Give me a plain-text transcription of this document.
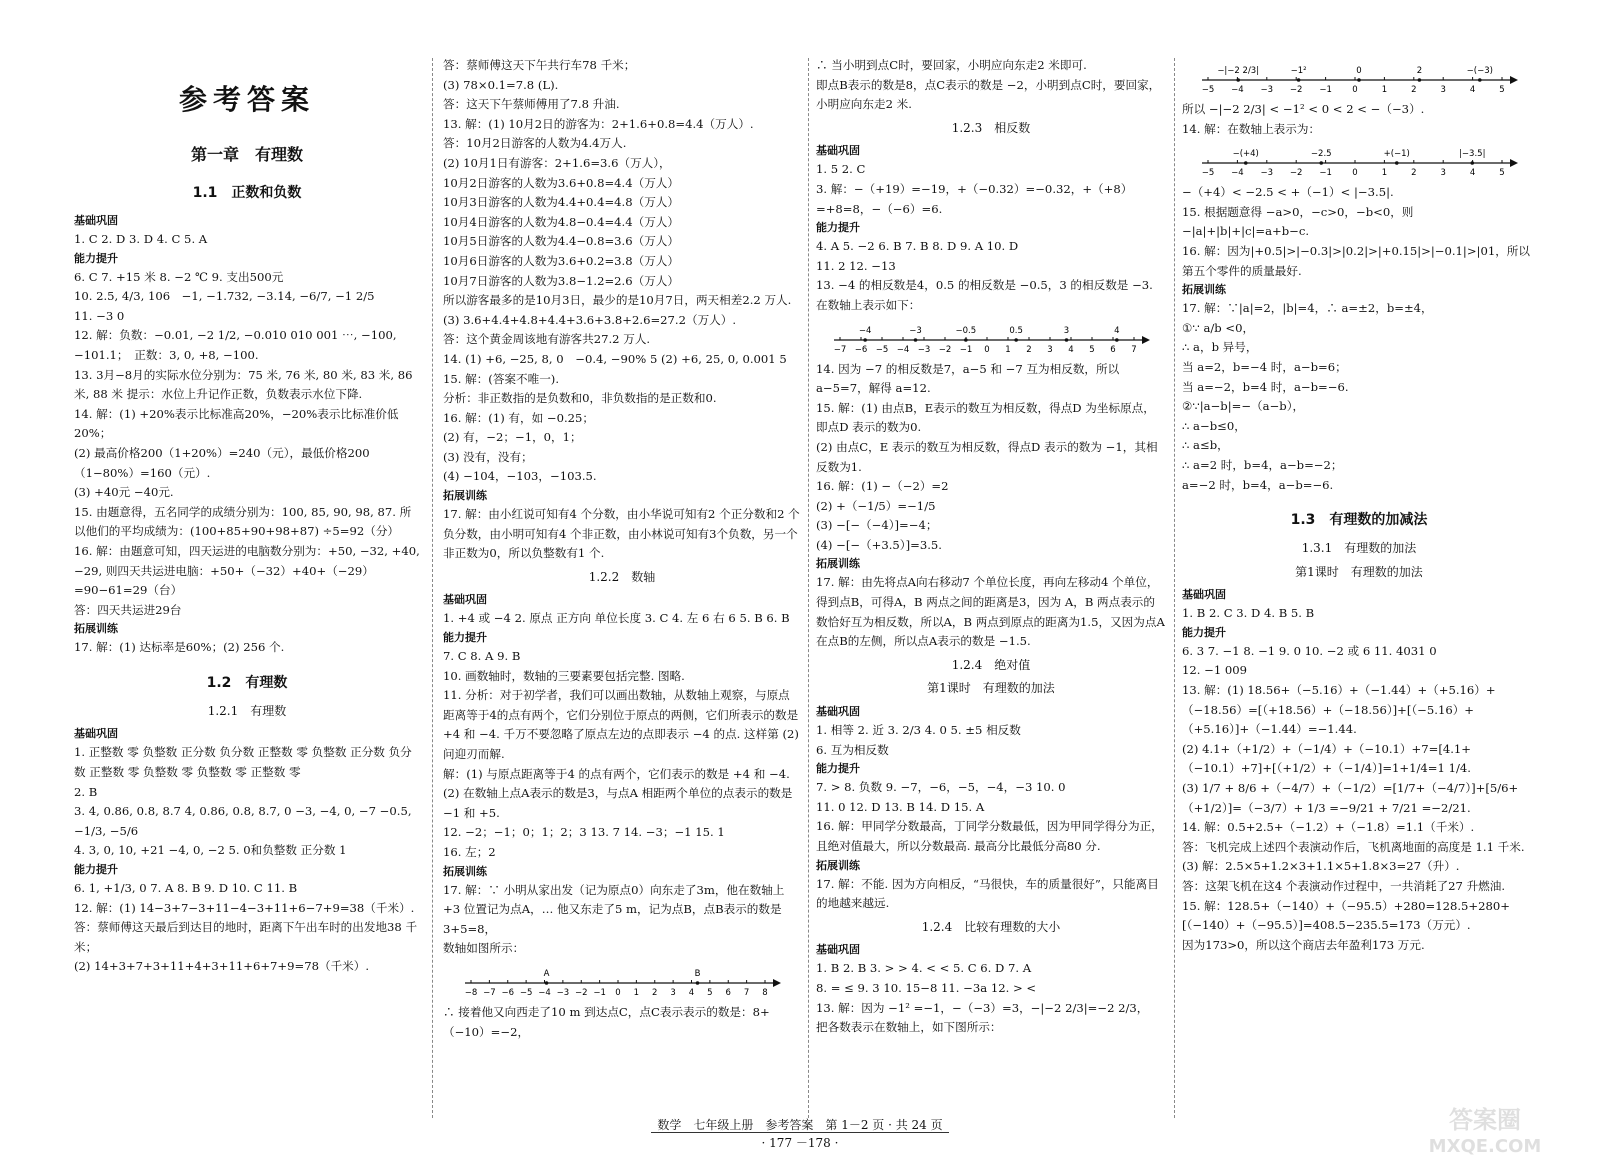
参考答案
第一章　有理数
1.1　正数和负数
基础巩固
1. C 2. D 3. D 4. C 5. A
能力提升
6. C 7. +15 米 8. −2 ℃ 9. 支出500元
10. 2.5, 4/3, 106　−1, −1.732, −3.14, −6/7, −1 2/5
11. −3 0
12. 解：负数：−0.01, −2 1/2, −0.010 010 001 ⋯, −100, −101.1；　正数：3, 0, +8, −100.
13. 3月−8月的实际水位分别为：75 米, 76 米, 80 米, 83 米, 86 米, 88 米 提示：水位上升记作正数，负数表示水位下降.
14. 解：(1) +20%表示比标准高20%，−20%表示比标准价低20%；
(2) 最高价格200（1+20%）=240（元），最低价格200（1−80%）=160（元）.
(3) +40元 −40元.
15. 由题意得，五名同学的成绩分别为：100, 85, 90, 98, 87. 所以他们的平均成绩为：(100+85+90+98+87) ÷5=92（分）
16. 解：由题意可知，四天运进的电脑数分别为：+50, −32, +40, −29, 则四天共运进电脑：+50+（−32）+40+（−29）=90−61=29（台）
答：四天共运进29台
拓展训练
17. 解：(1) 达标率是60%；(2) 256 个.
1.2　有理数
1.2.1　有理数
基础巩固
1. 正整数 零 负整数 正分数 负分数 正整数 零 负整数 正分数 负分数 正整数 零 负整数 零 负整数 零 正整数 零
2. B
3. 4, 0.86, 0.8, 8.7 4, 0.86, 0.8, 8.7, 0 −3, −4, 0, −7 −0.5, −1/3, −5/6
4. 3, 0, 10, +21 −4, 0, −2 5. 0和负整数 正分数 1
能力提升
6. 1, +1/3, 0 7. A 8. B 9. D 10. C 11. B
12. 解：(1) 14−3+7−3+11−4−3+11+6−7+9=38（千米）.
答：蔡师傅这天最后到达目的地时，距离下午出车时的出发地38 千米；
(2) 14+3+7+3+11+4+3+11+6+7+9=78（千米）.
答：蔡师傅这天下午共行车78 千米；
(3) 78×0.1=7.8 (L).
答：这天下午蔡师傅用了7.8 升油.
13. 解：(1) 10月2日的游客为：2+1.6+0.8=4.4（万人）.
答：10月2日游客的人数为4.4万人.
(2) 10月1日有游客：2+1.6=3.6（万人），
10月2日游客的人数为3.6+0.8=4.4（万人）
10月3日游客的人数为4.4+0.4=4.8（万人）
10月4日游客的人数为4.8−0.4=4.4（万人）
10月5日游客的人数为4.4−0.8=3.6（万人）
10月6日游客的人数为3.6+0.2=3.8（万人）
10月7日游客的人数为3.8−1.2=2.6（万人）
所以游客最多的是10月3日，最少的是10月7日，两天相差2.2 万人.
(3) 3.6+4.4+4.8+4.4+3.6+3.8+2.6=27.2（万人）.
答：这个黄金周该地有游客共27.2 万人.
14. (1) +6, −25, 8, 0　−0.4, −90% 5 (2) +6, 25, 0, 0.001 5
15. 解：(答案不唯一).
分析：非正数指的是负数和0，非负数指的是正数和0.
16. 解：(1) 有，如 −0.25；
(2) 有，−2；−1，0，1；
(3) 没有，没有；
(4) −104，−103，−103.5.
拓展训练
17. 解：由小红说可知有4 个分数，由小华说可知有2 个正分数和2 个负分数，由小明可知有4 个非正数，由小林说可知有3个负数，另一个非正数为0，所以负整数有1 个.
1.2.2　数轴
基础巩固
1. +4 或 −4 2. 原点 正方向 单位长度 3. C 4. 左 6 右 6 5. B 6. B
能力提升
7. C 8. A 9. B
10. 画数轴时，数轴的三要素要包括完整. 图略.
11. 分析：对于初学者，我们可以画出数轴，从数轴上观察，与原点距离等于4的点有两个，它们分别位于原点的两侧，它们所表示的数是 +4 和 −4. 千万不要忽略了原点左边的点即表示 −4 的点. 这样第 (2) 问迎刃而解.
解：(1) 与原点距离等于4 的点有两个，它们表示的数是 +4 和 −4.
(2) 在数轴上点A表示的数是3，与点A 相距两个单位的点表示的数是 −1 和 +5.
12. −2；−1；0；1；2；3 13. 7 14. −3；−1 15. 1
16. 左；2
拓展训练
17. 解：∵ 小明从家出发（记为原点0）向东走了3m，他在数轴上 +3 位置记为点A，… 他又东走了5 m，记为点B，点B表示的数是3+5=8，
数轴如图所示：
−8 −7 −6 −5 −4 −3 −2 −1 0 1 2 3 4 5 6 7 8
A	B
∴ 接着他又向西走了10 m 到达点C，点C表示表示的数是：8+（−10）=−2，
∴ 当小明到点C时，要回家，小明应向东走2 米即可.
即点B表示的数是8，点C表示的数是 −2，小明到点C时，要回家，小明应向东走2 米.
1.2.3　相反数
基础巩固
1. 5 2. C
3. 解：−（+19）=−19，+（−0.32）=−0.32，+（+8）=+8=8，−（−6）=6.
能力提升
4. A 5. −2 6. B 7. B 8. D 9. A 10. D
11. 2 12. −13
13. −4 的相反数是4，0.5 的相反数是 −0.5，3 的相反数是 −3.
在数轴上表示如下：
−7 −6 −5 −4 −3 −2 −1 0 1 2 3 4 5 6 7
−4	−3	−0.5	0.5	3	4
14. 因为 −7 的相反数是7，a−5 和 −7 互为相反数，所以 a−5=7，解得 a=12.
15. 解：(1) 由点B，E表示的数互为相反数，得点D 为坐标原点，即点D 表示的数为0.
(2) 由点C，E 表示的数互为相反数，得点D 表示的数为 −1，其相反数为1.
16. 解：(1) −（−2）=2
(2) +（−1/5）=−1/5
(3) −[−（−4）]=−4；
(4) −[−（+3.5）]=3.5.
拓展训练
17. 解：由先将点A向右移动7 个单位长度，再向左移动4 个单位，得到点B，可得A，B 两点之间的距离是3，因为 A，B 两点表示的数恰好互为相反数，所以A，B 两点到原点的距离为1.5，又因为点A在点B的左侧，所以点A表示的数是 −1.5.
1.2.4　绝对值
第1课时　有理数的加法
基础巩固
1. 相等 2. 近 3. 2/3 4. 0 5. ±5 相反数
6. 互为相反数
能力提升
7. > 8. 负数 9. −7，−6，−5，−4，−3 10. 0
11. 0 12. D 13. B 14. D 15. A
16. 解：甲同学分数最高，丁同学分数最低，因为甲同学得分为正，且绝对值最大，所以分数最高. 最高分比最低分高80 分.
拓展训练
17. 解：不能. 因为方向相反，“马很快，车的质量很好”，只能离目的地越来越远.
1.2.4　比较有理数的大小
基础巩固
1. B 2. B 3. > > 4. < < 5. C 6. D 7. A
8. = ≤ 9. 3 10. 15−8 11. −3a 12. > <
13. 解：因为 −1² =−1，−（−3）=3，−|−2 2/3|=−2 2/3，
把各数表示在数轴上，如下图所示：
−5 −4 −3 −2 −1 0	1	2	3	4	5
−|−2 2/3|	−1²	0	2	−(−3)
所以 −|−2 2/3| < −1² < 0 < 2 < −（−3）.
14. 解：在数轴上表示为：
−5 −4 −3 −2 −1 0	1	2	3	4	5
−(+4)	−2.5	+(−1)	|−3.5|
−（+4）< −2.5 < +（−1）< |−3.5|.
15. 根据题意得 −a>0，−c>0，−b<0，则 −|a|+|b|+|c|=a+b−c.
16. 解：因为|+0.5|>|−0.3|>|0.2|>|+0.15|>|−0.1|>|01，所以第五个零件的质量最好.
拓展训练
17. 解：∵|a|=2，|b|=4，∴ a=±2，b=±4，
①∵ a/b <0，
∴ a，b 异号，
当 a=2，b=−4 时，a−b=6；
当 a=−2，b=4 时，a−b=−6.
②∵|a−b|=−（a−b），
∴ a−b≤0，
∴ a≤b，
∴ a=2 时，b=4，a−b=−2；
a=−2 时，b=4，a−b=−6.
1.3　有理数的加减法
1.3.1　有理数的加法
第1课时　有理数的加法
基础巩固
1. B 2. C 3. D 4. B 5. B
能力提升
6. 3 7. −1 8. −1 9. 0 10. −2 或 6 11. 4031 0
12. −1 009
13. 解：(1) 18.56+（−5.16）+（−1.44）+（+5.16）+（−18.56）=[（+18.56）+（−18.56）]+[（−5.16）+（+5.16）]+（−1.44）=−1.44.
(2) 4.1+（+1/2）+（−1/4）+（−10.1）+7=[4.1+（−10.1）+7]+[（+1/2）+（−1/4）]=1+1/4=1 1/4.
(3) 1/7 + 8/6 +（−4/7）+（−1/2）=[1/7+（−4/7）]+[5/6+（+1/2）]=（−3/7）+ 1/3 =−9/21 + 7/21 =−2/21.
14. 解：0.5+2.5+（−1.2）+（−1.8）=1.1（千米）.
答：飞机完成上述四个表演动作后，飞机离地面的高度是 1.1 千米.
(3) 解：2.5×5+1.2×3+1.1×5+1.8×3=27（升）.
答：这架飞机在这4 个表演动作过程中，一共消耗了27 升燃油.
15. 解：128.5+（−140）+（−95.5）+280=128.5+280+[（−140）+（−95.5）]=408.5−235.5=173（万元）.
因为173>0，所以这个商店去年盈利173 万元.
数学　七年级上册　参考答案　第 1－2 页 · 共 24 页
· 177 －178 ·
答案圈
MXQE.COM
